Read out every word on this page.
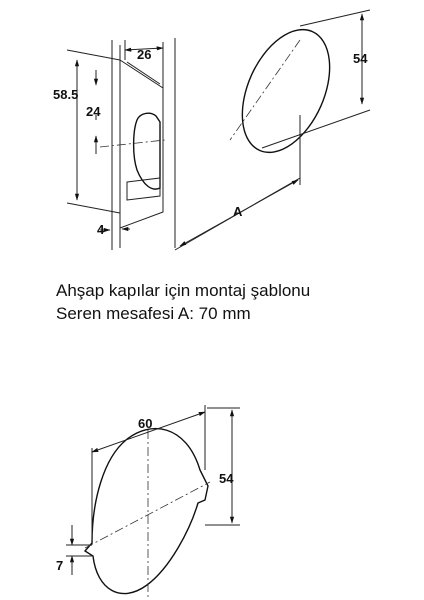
26
58.5
24
4
54
A
60
54
7
Ahşap kapılar için montaj şablonu
Seren mesafesi A: 70 mm
